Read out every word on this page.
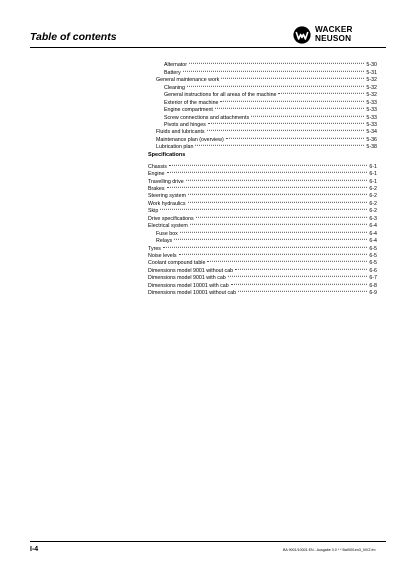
Table of contents
WACKER
NEUSON
Alternator	5-30
Battery	5-31
General maintenance work	5-32
Cleaning	5-32
General instructions for all areas of the machine	5-32
Exterior of the machine	5-33
Engine compartment	5-33
Screw connections and attachments	5-33
Pivots and hinges	5-33
Fluids and lubricants	5-34
Maintenance plan (overview)	5-36
Lubrication plan	5-38
Specifications
Chassis	6-1
Engine	6-1
Travelling drive	6-1
Brakes	6-2
Steering system	6-2
Work hydraulics	6-2
Skip	6-2
Drive specifications	6-3
Electrical system	6-4
Fuse box	6-4
Relays	6-4
Tyres	6-5
Noise levels	6-5
Coolant compound table	6-5
Dimensions model 9001 without cab	6-6
Dimensions model 9001 with cab	6-7
Dimensions model 10001 with cab	6-8
Dimensions model 10001 without cab	6-9
I-4	BA 9001/10001 EN - Ausgabe 3.0 * * Ba9001en3_0IVZ.fm
